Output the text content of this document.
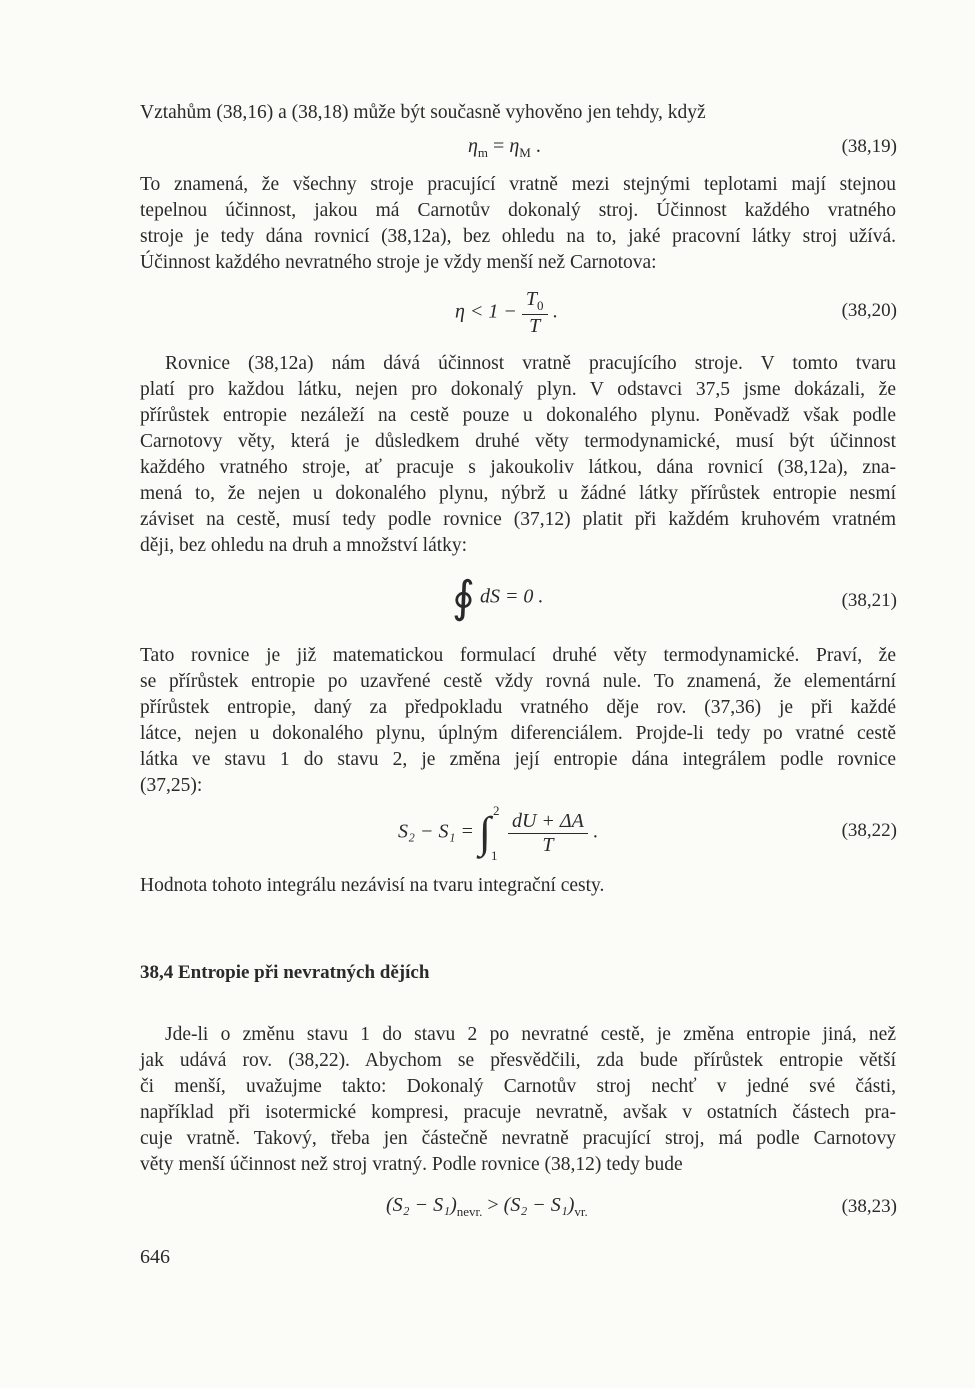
Vztahům (38,16) a (38,18) může být současně vyhověno jen tehdy, když
$\eta_m = \eta_M$ .	(38,19)
To znamená, že všechny stroje pracující vratně mezi stejnými teplotami mají stejnou
tepelnou účinnost, jakou má Carnotův dokonalý stroj. Účinnost každého vratného
stroje je tedy dána rovnicí (38,12a), bez ohledu na to, jaké pracovní látky stroj užívá.
Účinnost každého nevratného stroje je vždy menší než Carnotova:
$\eta < 1 - \frac{T_0}{T}$ .	(38,20)
Rovnice (38,12a) nám dává účinnost vratně pracujícího stroje. V tomto tvaru
platí pro každou látku, nejen pro dokonalý plyn. V odstavci 37,5 jsme dokázali, že
přírůstek entropie nezáleží na cestě pouze u dokonalého plynu. Poněvadž však podle
Carnotovy věty, která je důsledkem druhé věty termodynamické, musí být účinnost
každého vratného stroje, ať pracuje s jakoukoliv látkou, dána rovnicí (38,12a), zna-
mená to, že nejen u dokonalého plynu, nýbrž u žádné látky přírůstek entropie nesmí
záviset na cestě, musí tedy podle rovnice (37,12) platit při každém kruhovém vratném
ději, bez ohledu na druh a množství látky:
∮ dS = 0 .	(38,21)
Tato rovnice je již matematickou formulací druhé věty termodynamické. Praví, že
se přírůstek entropie po uzavřené cestě vždy rovná nule. To znamená, že elementární
přírůstek entropie, daný za předpokladu vratného děje rov. (37,36) je při každé
látce, nejen u dokonalého plynu, úplným diferenciálem. Projde-li tedy po vratné cestě
látka ve stavu 1 do stavu 2, je změna její entropie dána integrálem podle rovnice
(37,25):
S₂ − S₁ = ∫ 2
1
$\frac{dU + \Delta A}{T}$ .	(38,22)
Hodnota tohoto integrálu nezávisí na tvaru integrační cesty.
38,4 Entropie při nevratných dějích
Jde-li o změnu stavu 1 do stavu 2 po nevratné cestě, je změna entropie jiná, než
jak udává rov. (38,22). Abychom se přesvědčili, zda bude přírůstek entropie větší
či menší, uvažujme takto: Dokonalý Carnotův stroj nechť v jedné své části,
například při isotermické kompresi, pracuje nevratně, avšak v ostatních částech pra-
cuje vratně. Takový, třeba jen částečně nevratně pracující stroj, má podle Carnotovy
věty menší účinnost než stroj vratný. Podle rovnice (38,12) tedy bude
$(S_2 - S_1)_{nevr.} > (S_2 - S_1)_{vr.}$	(38,23)
646
